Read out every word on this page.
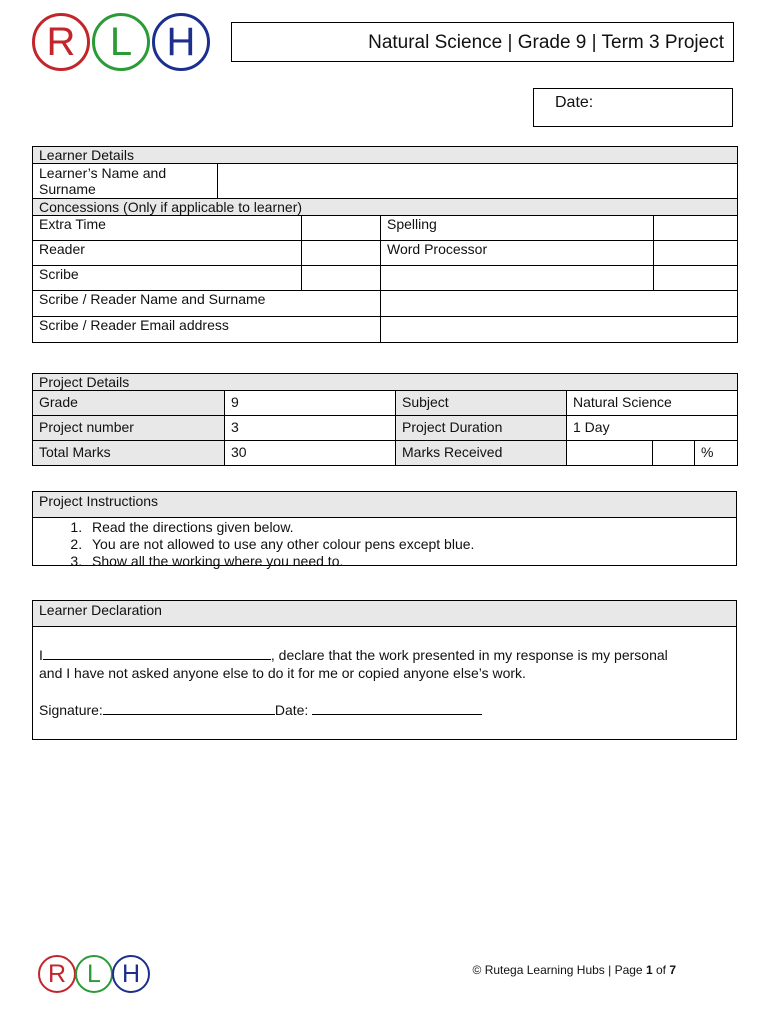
R L H	Natural Science | Grade 9 | Term 3 Project
Date:
Learner Details				
Learner’s Name and
Surname				
Concessions (Only if applicable to learner)				
Extra Time			Spelling	
Reader			Word Processor	
Scribe				
Scribe / Reader Name and Surname				
Scribe / Reader Email address				
Project Details					
Grade	9	Subject	Natural Science		
Project number	3	Project Duration	1 Day		
Total Marks	30	Marks Received			%
Project Instructions
1. Read the directions given below.
2. You are not allowed to use any other colour pens except blue.
3. Show all the working where you need to.
Learner Declaration
I	, declare that the work presented in my response is my personal
and I have not asked anyone else to do it for me or copied anyone else’s work.
Signature:	Date:
R L H	© Rutega Learning Hubs | Page 1 of 7
